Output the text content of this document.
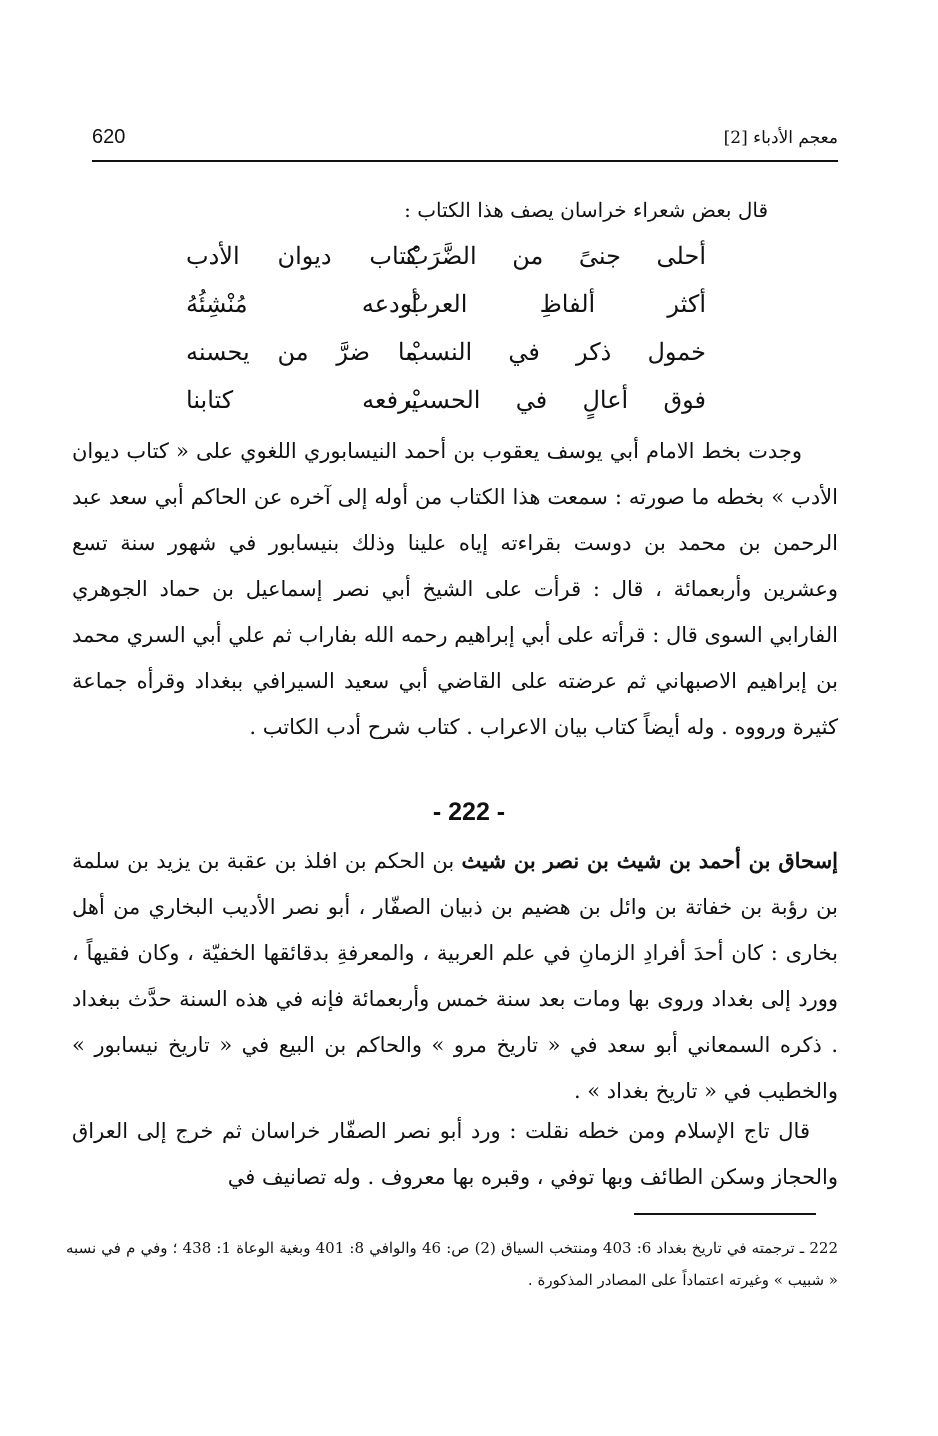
620	معجم الأدباء [2]
قال بعض شعراء خراسان يصف هذا الكتاب :
كتاب ديوان الأدب
أحلى جنىً من الضَّرَبْ
أودعه مُنْشِئُهُ
أكثر ألفاظِ العربْ
ما ضرَّ من يحسنه
خمول ذكر في النسبْ
يرفعه كتابنا
فوق أعالٍ في الحسبْ
وجدت بخط الامام أبي يوسف يعقوب بن أحمد النيسابوري اللغوي على « كتاب ديوان الأدب » بخطه ما صورته : سمعت هذا الكتاب من أوله إلى آخره عن الحاكم أبي سعد عبد الرحمن بن محمد بن دوست بقراءته إياه علينا وذلك بنيسابور في شهور سنة تسع وعشرين وأربعمائة ، قال : قرأت على الشيخ أبي نصر إسماعيل بن حماد الجوهري الفارابي السوى قال : قرأته على أبي إبراهيم رحمه الله بفاراب ثم علي أبي السري محمد بن إبراهيم الاصبهاني ثم عرضته على القاضي أبي سعيد السيرافي ببغداد وقرأه جماعة كثيرة ورووه . وله أيضاً كتاب بيان الاعراب . كتاب شرح أدب الكاتب .
- 222 -
إسحاق بن أحمد بن شيث بن نصر بن شيث بن الحكم بن افلذ بن عقبة بن يزيد بن سلمة بن رؤبة بن خفاتة بن وائل بن هضيم بن ذبيان الصفّار ، أبو نصر الأديب البخاري من أهل بخارى : كان أحدَ أفرادِ الزمانِ في علم العربية ، والمعرفةِ بدقائقها الخفيّة ، وكان فقيهاً ، وورد إلى بغداد وروى بها ومات بعد سنة خمس وأربعمائة فإنه في هذه السنة حدَّث ببغداد . ذكره السمعاني أبو سعد في « تاريخ مرو » والحاكم بن البيع في « تاريخ نيسابور » والخطيب في « تاريخ بغداد » .
قال تاج الإسلام ومن خطه نقلت : ورد أبو نصر الصفّار خراسان ثم خرج إلى العراق والحجاز وسكن الطائف وبها توفي ، وقبره بها معروف . وله تصانيف في
222 ـ ترجمته في تاريخ بغداد 6: 403 ومنتخب السياق (2) ص: 46 والوافي 8: 401 وبغية الوعاة 1: 438 ؛ وفي م في نسبه « شبيب » وغيرته اعتماداً على المصادر المذكورة .
